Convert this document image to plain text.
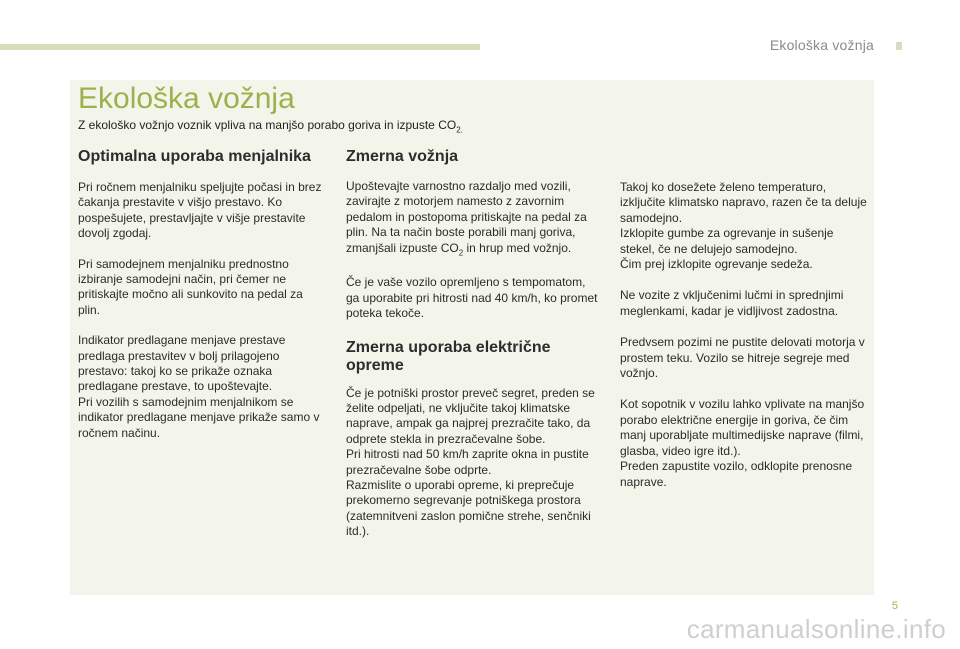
Ekološka vožnja
Ekološka vožnja

Z ekološko vožnjo voznik vpliva na manjšo porabo goriva in izpuste $CO_{2.}$

Optimalna uporaba menjalnika

Pri ročnem menjalniku speljujte počasi in brez čakanja prestavite v višjo prestavo. Ko pospešujete, prestavljajte v višje prestavite dovolj zgodaj.

Pri samodejnem menjalniku prednostno izbiranje samodejni način, pri čemer ne pritiskajte močno ali sunkovito na pedal za plin.

Indikator predlagane menjave prestave predlaga prestavitev v bolj prilagojeno prestavo: takoj ko se prikaže oznaka predlagane prestave, to upoštevajte.
Pri vozilih s samodejnim menjalnikom se indikator predlagane menjave prikaže samo v ročnem načinu.

Zmerna vožnja

Upoštevajte varnostno razdaljo med vozili, zavirajte z motorjem namesto z zavornim pedalom in postopoma pritiskajte na pedal za plin. Na ta način boste porabili manj goriva, zmanjšali izpuste $CO_2$ in hrup med vožnjo.

Če je vaše vozilo opremljeno s tempomatom, ga uporabite pri hitrosti nad 40 km/h, ko promet poteka tekoče.

Zmerna uporaba električne opreme

Če je potniški prostor preveč segret, preden se želite odpeljati, ne vključite takoj klimatske naprave, ampak ga najprej prezračite tako, da odprete stekla in prezračevalne šobe.
Pri hitrosti nad 50 km/h zaprite okna in pustite prezračevalne šobe odprte.
Razmislite o uporabi opreme, ki preprečuje prekomerno segrevanje potniškega prostora (zatemnitveni zaslon pomične strehe, senčniki itd.).

Takoj ko dosežete želeno temperaturo, izključite klimatsko napravo, razen če ta deluje samodejno.
Izklopite gumbe za ogrevanje in sušenje stekel, če ne delujejo samodejno.
Čim prej izklopite ogrevanje sedeža.

Ne vozite z vključenimi lučmi in sprednjimi meglenkami, kadar je vidljivost zadostna.

Predvsem pozimi ne pustite delovati motorja v prostem teku. Vozilo se hitreje segreje med vožnjo.

Kot sopotnik v vozilu lahko vplivate na manjšo porabo električne energije in goriva, če čim manj uporabljate multimedijske naprave (filmi, glasba, video igre itd.).
Preden zapustite vozilo, odklopite prenosne naprave.

5
carmanualsonline.info
